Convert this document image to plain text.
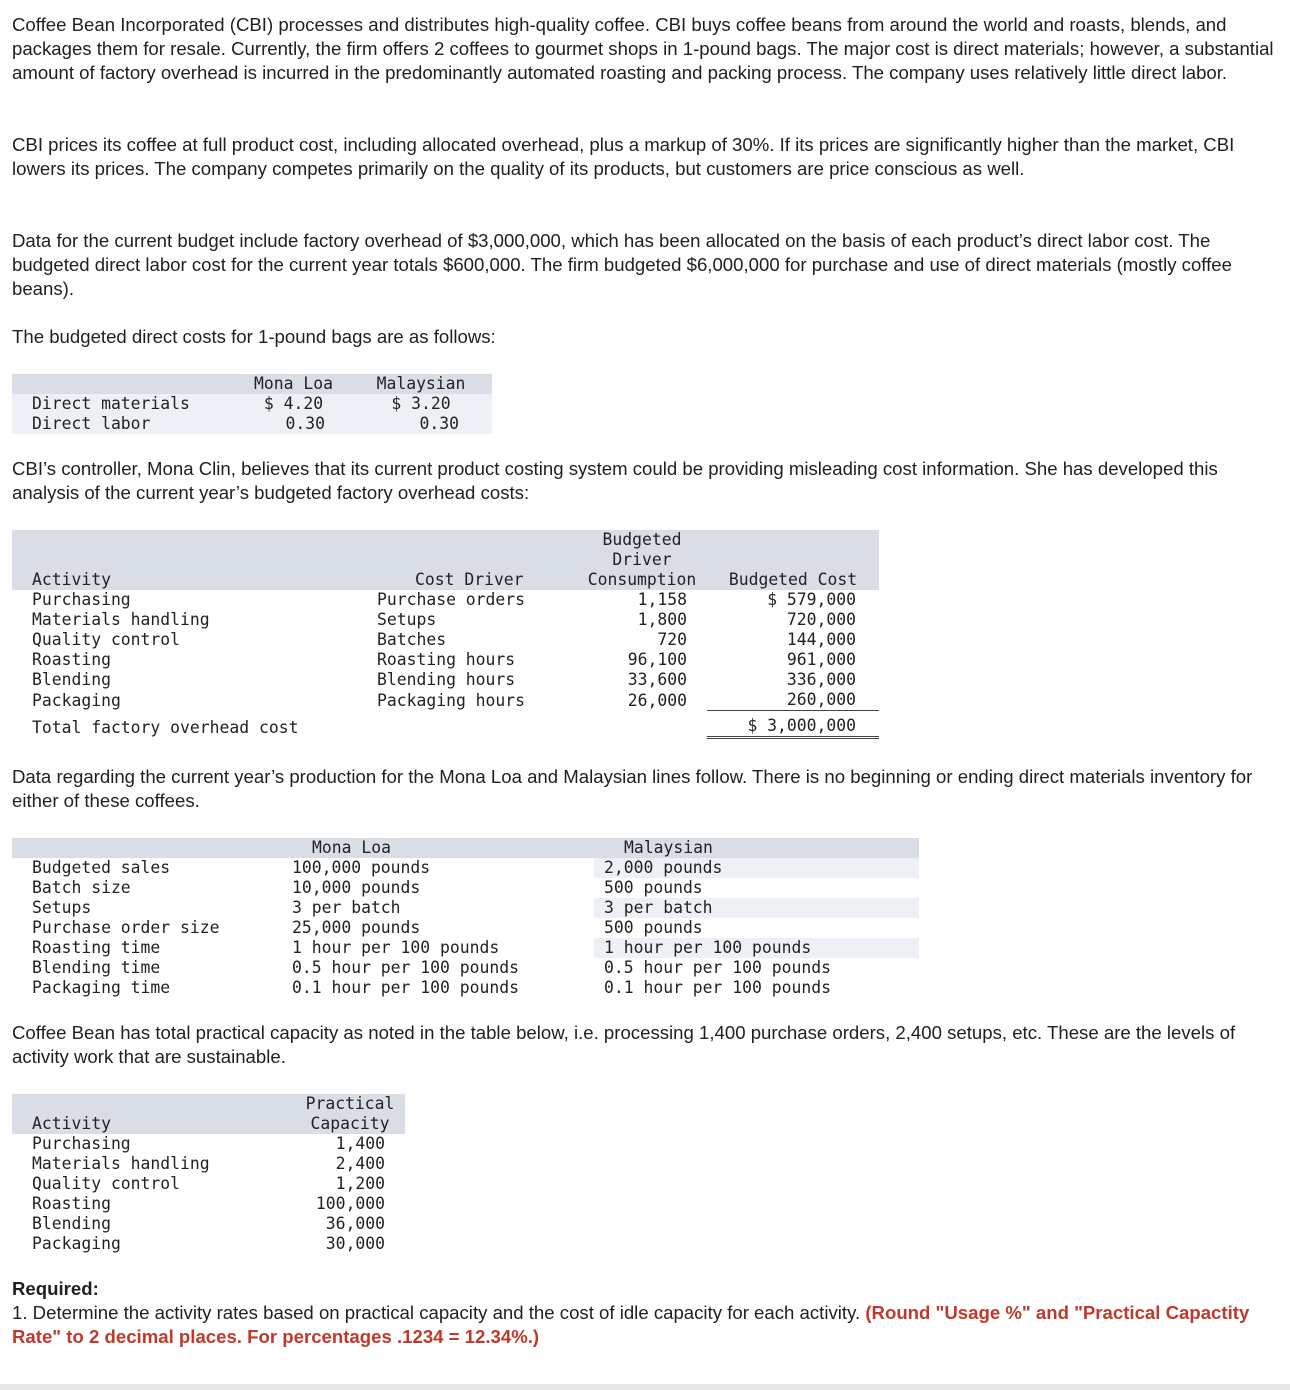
Coffee Bean Incorporated (CBI) processes and distributes high-quality coffee. CBI buys coffee beans from around the world and roasts, blends, and packages them for resale. Currently, the firm offers 2 coffees to gourmet shops in 1-pound bags. The major cost is direct materials; however, a substantial amount of factory overhead is incurred in the predominantly automated roasting and packing process. The company uses relatively little direct labor.

CBI prices its coffee at full product cost, including allocated overhead, plus a markup of 30%. If its prices are significantly higher than the market, CBI lowers its prices. The company competes primarily on the quality of its products, but customers are price conscious as well.

Data for the current budget include factory overhead of $3,000,000, which has been allocated on the basis of each product’s direct labor cost. The budgeted direct labor cost for the current year totals $600,000. The firm budgeted $6,000,000 for purchase and use of direct materials (mostly coffee beans).

The budgeted direct costs for 1-pound bags are as follows:

	Mona Loa	Malaysian
Direct materials	$ 4.20	$ 3.20
Direct labor	0.30	0.30

CBI’s controller, Mona Clin, believes that its current product costing system could be providing misleading cost information. She has developed this analysis of the current year’s budgeted factory overhead costs:

		Budgeted	
		Driver	
Activity	Cost Driver	Consumption	Budgeted Cost
Purchasing	Purchase orders	1,158	$ 579,000
Materials handling	Setups	1,800	720,000
Quality control	Batches	720	144,000
Roasting	Roasting hours	96,100	961,000
Blending	Blending hours	33,600	336,000
Packaging	Packaging hours	26,000	260,000
Total factory overhead cost			$ 3,000,000

Data regarding the current year’s production for the Mona Loa and Malaysian lines follow. There is no beginning or ending direct materials inventory for either of these coffees.

	Mona Loa	Malaysian
Budgeted sales	100,000 pounds	2,000 pounds
Batch size	10,000 pounds	500 pounds
Setups	3 per batch	3 per batch
Purchase order size	25,000 pounds	500 pounds
Roasting time	1 hour per 100 pounds	1 hour per 100 pounds
Blending time	0.5 hour per 100 pounds	0.5 hour per 100 pounds
Packaging time	0.1 hour per 100 pounds	0.1 hour per 100 pounds

Coffee Bean has total practical capacity as noted in the table below, i.e. processing 1,400 purchase orders, 2,400 setups, etc. These are the levels of activity work that are sustainable.

	Practical
Activity	Capacity
Purchasing	1,400
Materials handling	2,400
Quality control	1,200
Roasting	100,000
Blending	36,000
Packaging	30,000
Required:
1. Determine the activity rates based on practical capacity and the cost of idle capacity for each activity. (Round "Usage %" and "Practical Capactity Rate" to 2 decimal places. For percentages .1234 = 12.34%.)
